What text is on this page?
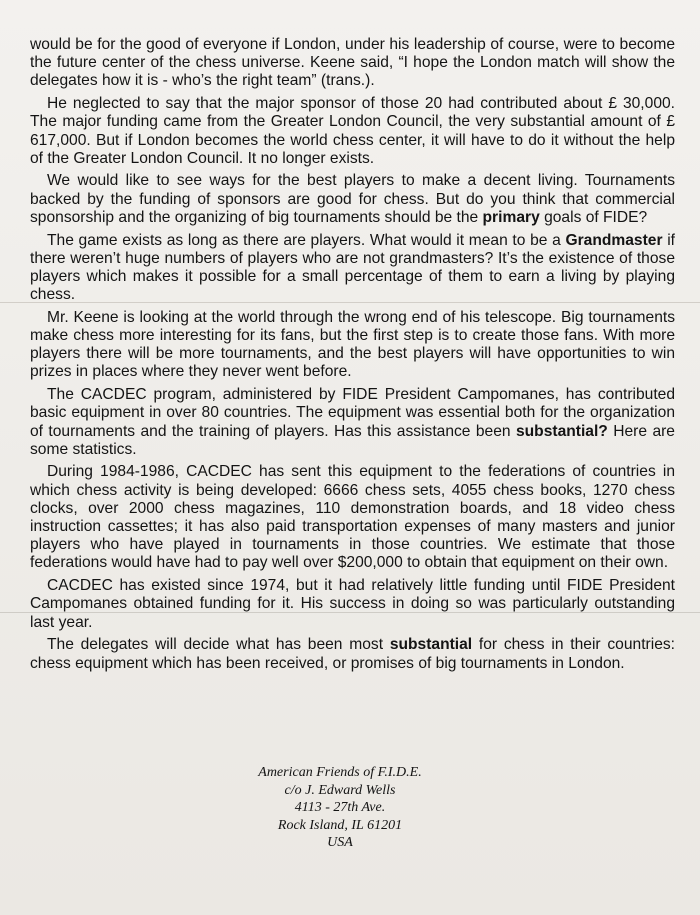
would be for the good of everyone if London, under his leadership of course, were to become the future center of the chess universe. Keene said, “I hope the London match will show the delegates how it is - who’s the right team” (trans.).

He neglected to say that the major sponsor of those 20 had contributed about £ 30,000. The major funding came from the Greater London Council, the very substantial amount of £ 617,000. But if London becomes the world chess center, it will have to do it without the help of the Greater London Council. It no longer exists.

We would like to see ways for the best players to make a decent living. Tournaments backed by the funding of sponsors are good for chess. But do you think that commercial sponsorship and the organizing of big tournaments should be the primary goals of FIDE?

The game exists as long as there are players. What would it mean to be a Grandmaster if there weren’t huge numbers of players who are not grandmasters? It’s the existence of those players which makes it possible for a small percentage of them to earn a living by playing chess.

Mr. Keene is looking at the world through the wrong end of his telescope. Big tournaments make chess more interesting for its fans, but the first step is to create those fans. With more players there will be more tournaments, and the best players will have opportunities to win prizes in places where they never went before.

The CACDEC program, administered by FIDE President Campomanes, has contributed basic equipment in over 80 countries. The equipment was essential both for the organization of tournaments and the training of players. Has this assistance been substantial? Here are some statistics.

During 1984-1986, CACDEC has sent this equipment to the federations of countries in which chess activity is being developed: 6666 chess sets, 4055 chess books, 1270 chess clocks, over 2000 chess magazines, 110 demonstration boards, and 18 video chess instruction cassettes; it has also paid transportation expenses of many masters and junior players who have played in tournaments in those countries. We estimate that those federations would have had to pay well over $200,000 to obtain that equipment on their own.

CACDEC has existed since 1974, but it had relatively little funding until FIDE President Campomanes obtained funding for it. His success in doing so was particularly outstanding last year.

The delegates will decide what has been most substantial for chess in their countries: chess equipment which has been received, or promises of big tournaments in London.

American Friends of F.I.D.E.
c/o J. Edward Wells
4113 - 27th Ave.
Rock Island, IL 61201
USA
